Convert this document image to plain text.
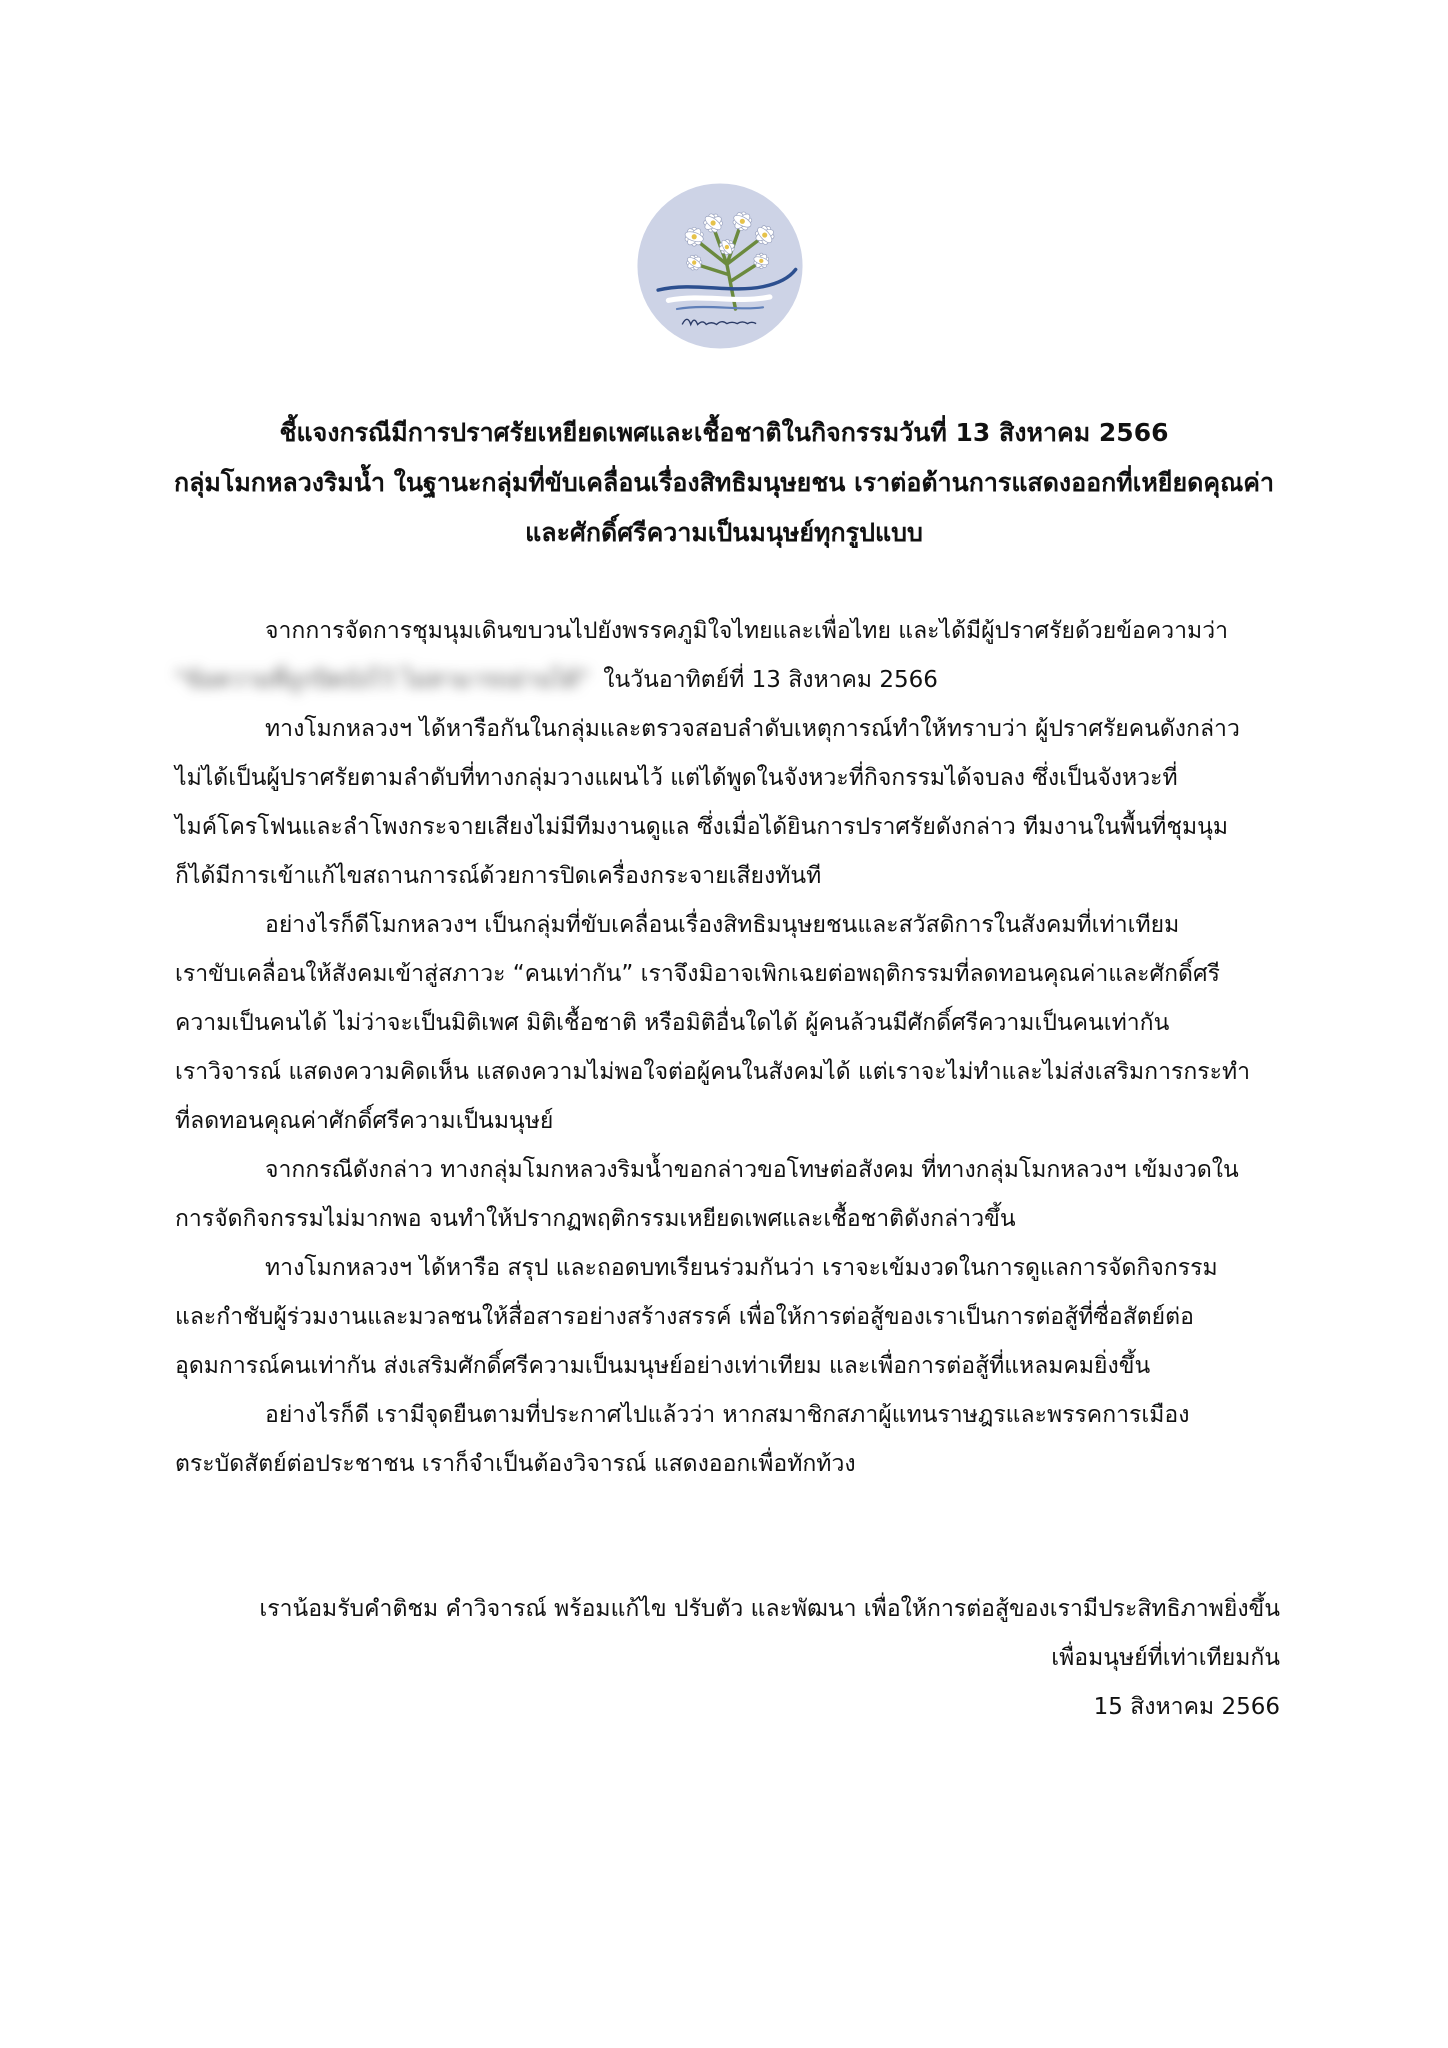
ชี้แจงกรณีมีการปราศรัยเหยียดเพศและเชื้อชาติในกิจกรรมวันที่ 13 สิงหาคม 2566
กลุ่มโมกหลวงริมน้ำ ในฐานะกลุ่มที่ขับเคลื่อนเรื่องสิทธิมนุษยชน เราต่อต้านการแสดงออกที่เหยียดคุณค่า
และศักดิ์ศรีความเป็นมนุษย์ทุกรูปแบบ
จากการจัดการชุมนุมเดินขบวนไปยังพรรคภูมิใจไทยและเพื่อไทย และได้มีผู้ปราศรัยด้วยข้อความว่า
"ข้อความที่ถูกปิดบังไว้ ไม่สามารถอ่านได้" ในวันอาทิตย์ที่ 13 สิงหาคม 2566
ทางโมกหลวงฯ ได้หารือกันในกลุ่มและตรวจสอบลำดับเหตุการณ์ทำให้ทราบว่า ผู้ปราศรัยคนดังกล่าว
ไม่ได้เป็นผู้ปราศรัยตามลำดับที่ทางกลุ่มวางแผนไว้ แต่ได้พูดในจังหวะที่กิจกรรมได้จบลง ซึ่งเป็นจังหวะที่
ไมค์โครโฟนและลำโพงกระจายเสียงไม่มีทีมงานดูแล ซึ่งเมื่อได้ยินการปราศรัยดังกล่าว ทีมงานในพื้นที่ชุมนุม
ก็ได้มีการเข้าแก้ไขสถานการณ์ด้วยการปิดเครื่องกระจายเสียงทันที
อย่างไรก็ดีโมกหลวงฯ เป็นกลุ่มที่ขับเคลื่อนเรื่องสิทธิมนุษยชนและสวัสดิการในสังคมที่เท่าเทียม
เราขับเคลื่อนให้สังคมเข้าสู่สภาวะ “คนเท่ากัน” เราจึงมิอาจเพิกเฉยต่อพฤติกรรมที่ลดทอนคุณค่าและศักดิ์ศรี
ความเป็นคนได้ ไม่ว่าจะเป็นมิติเพศ มิติเชื้อชาติ หรือมิติอื่นใดได้ ผู้คนล้วนมีศักดิ์ศรีความเป็นคนเท่ากัน
เราวิจารณ์ แสดงความคิดเห็น แสดงความไม่พอใจต่อผู้คนในสังคมได้ แต่เราจะไม่ทำและไม่ส่งเสริมการกระทำ
ที่ลดทอนคุณค่าศักดิ์ศรีความเป็นมนุษย์
จากกรณีดังกล่าว ทางกลุ่มโมกหลวงริมน้ำขอกล่าวขอโทษต่อสังคม ที่ทางกลุ่มโมกหลวงฯ เข้มงวดใน
การจัดกิจกรรมไม่มากพอ จนทำให้ปรากฏพฤติกรรมเหยียดเพศและเชื้อชาติดังกล่าวขึ้น
ทางโมกหลวงฯ ได้หารือ สรุป และถอดบทเรียนร่วมกันว่า เราจะเข้มงวดในการดูแลการจัดกิจกรรม
และกำชับผู้ร่วมงานและมวลชนให้สื่อสารอย่างสร้างสรรค์ เพื่อให้การต่อสู้ของเราเป็นการต่อสู้ที่ซื่อสัตย์ต่อ
อุดมการณ์คนเท่ากัน ส่งเสริมศักดิ์ศรีความเป็นมนุษย์อย่างเท่าเทียม และเพื่อการต่อสู้ที่แหลมคมยิ่งขึ้น
อย่างไรก็ดี เรามีจุดยืนตามที่ประกาศไปแล้วว่า หากสมาชิกสภาผู้แทนราษฎรและพรรคการเมือง
ตระบัดสัตย์ต่อประชาชน เราก็จำเป็นต้องวิจารณ์ แสดงออกเพื่อทักท้วง
เราน้อมรับคำติชม คำวิจารณ์ พร้อมแก้ไข ปรับตัว และพัฒนา เพื่อให้การต่อสู้ของเรามีประสิทธิภาพยิ่งขึ้น
เพื่อมนุษย์ที่เท่าเทียมกัน
15 สิงหาคม 2566
